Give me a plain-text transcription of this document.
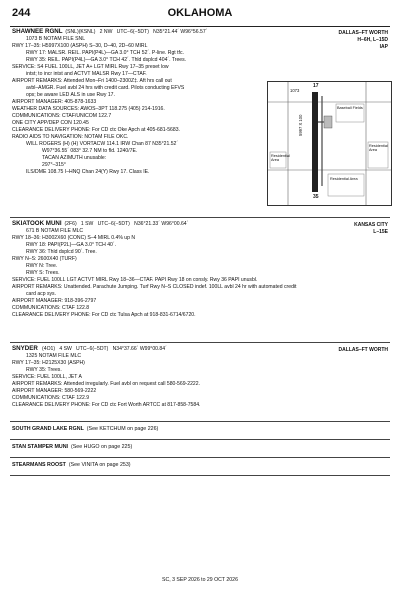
244	OKLAHOMA
SHAWNEE RGNL (SNL)(KSNL) 2 NW UTC−6(−5DT) N35°21.44´ W96°56.57´
1073 B NOTAM FILE SNL
DALLAS–FT WORTH
H–6H, L–15D
IAP
RWY 17–35: H5997X100 (ASPH) S–30, D–40, 2D–60 MIRL
RWY 17: MALSR. REIL. PAPI(P4L)—GA 3.0° TCH 52´. P-line. Rgt tfc.
RWY 35: REIL. PAPI(P4L)—GA 3.0° TCH 42´. Thld dsplcd 404´. Trees.
SERVICE: S4 FUEL 100LL, JET A+ LGT MIRL Rwy 17–35 preset low
intst; to incr intst and ACTVT MALSR Rwy 17—CTAF.
AIRPORT REMARKS: Attended Mon–Fri 1400–2300Z‡. Aft hrs call out
avbl–AMGR. Fuel avbl 24 hrs with credit card. Pilots conducting EFVS
ops; be aware LED ALS in use Rwy 17.
AIRPORT MANAGER: 405-878-1633
WEATHER DATA SOURCES: AWOS–3PT 118.275 (405) 214-1916.
COMMUNICATIONS: CTAF/UNICOM 122.7
ONE CITY APP/DEP CON 120.45
CLEARANCE DELIVERY PHONE: For CD ctc Oke Apch at 405-681-5683.
RADIO AIDS TO NAVIGATION: NOTAM FILE OKC.
WILL ROGERS (H) (H) VORTACW 114.1 IRW Chan 87 N35°21.52´
W97°36.55´ 083° 32.7 NM to fld. 1240/7E.
TACAN AZIMUTH unusable:
297°–315°
ILS/DME 108.75 I–HNQ Chan 24(Y) Rwy 17. Class IE.
17
35
5997 X 100
1073
Baseball Fields
Residential Area
Residential Area
Residential Area
SKIATOOK MUNI (2F6) 1 SW UTC−6(−5DT) N36°21.33´ W96°00.64´
671 B NOTAM FILE MLC
KANSAS CITY
L–15E
RWY 18–36: H3002X60 (CONC) S–4 MIRL 0.4% up N
RWY 18: PAPI(P2L)—GA 3.0° TCH 40´.
RWY 36: Thld dsplcd 90´. Tree.
RWY N–S: 2600X40 (TURF)
RWY N: Tree.
RWY S: Trees.
SERVICE: FUEL 100LL LGT ACTVT MIRL Rwy 18–36—CTAF. PAPI Rwy 18 on consly. Rwy 36 PAPI unusbl.
AIRPORT REMARKS: Unattended. Parachute Jumping. Turf Rwy N–S CLOSED indef. 100LL avbl 24 hr with automated credit
card acp sys.
AIRPORT MANAGER: 918-396-2797
COMMUNICATIONS: CTAF 122.8
CLEARANCE DELIVERY PHONE: For CD ctc Tulsa Apch at 918-831-6714/6720.
SNYDER (4O1) 4 SW UTC−6(−5DT) N34°37.66´ W99°00.84´
1325 NOTAM FILE MLC
DALLAS–FT WORTH
RWY 17–35: H2125X30 (ASPH)
RWY 35: Trees.
SERVICE: FUEL 100LL, JET A
AIRPORT REMARKS: Attended irregularly. Fuel avbl on request call 580-569-2222.
AIRPORT MANAGER: 580-569-2222
COMMUNICATIONS: CTAF 122.9
CLEARANCE DELIVERY PHONE: For CD ctc Fort Worth ARTCC at 817-858-7584.
SOUTH GRAND LAKE RGNL (See KETCHUM on page 226)
STAN STAMPER MUNI (See HUGO on page 225)
STEARMANS ROOST (See VINITA on page 253)
SC, 3 SEP 2026 to 29 OCT 2026
